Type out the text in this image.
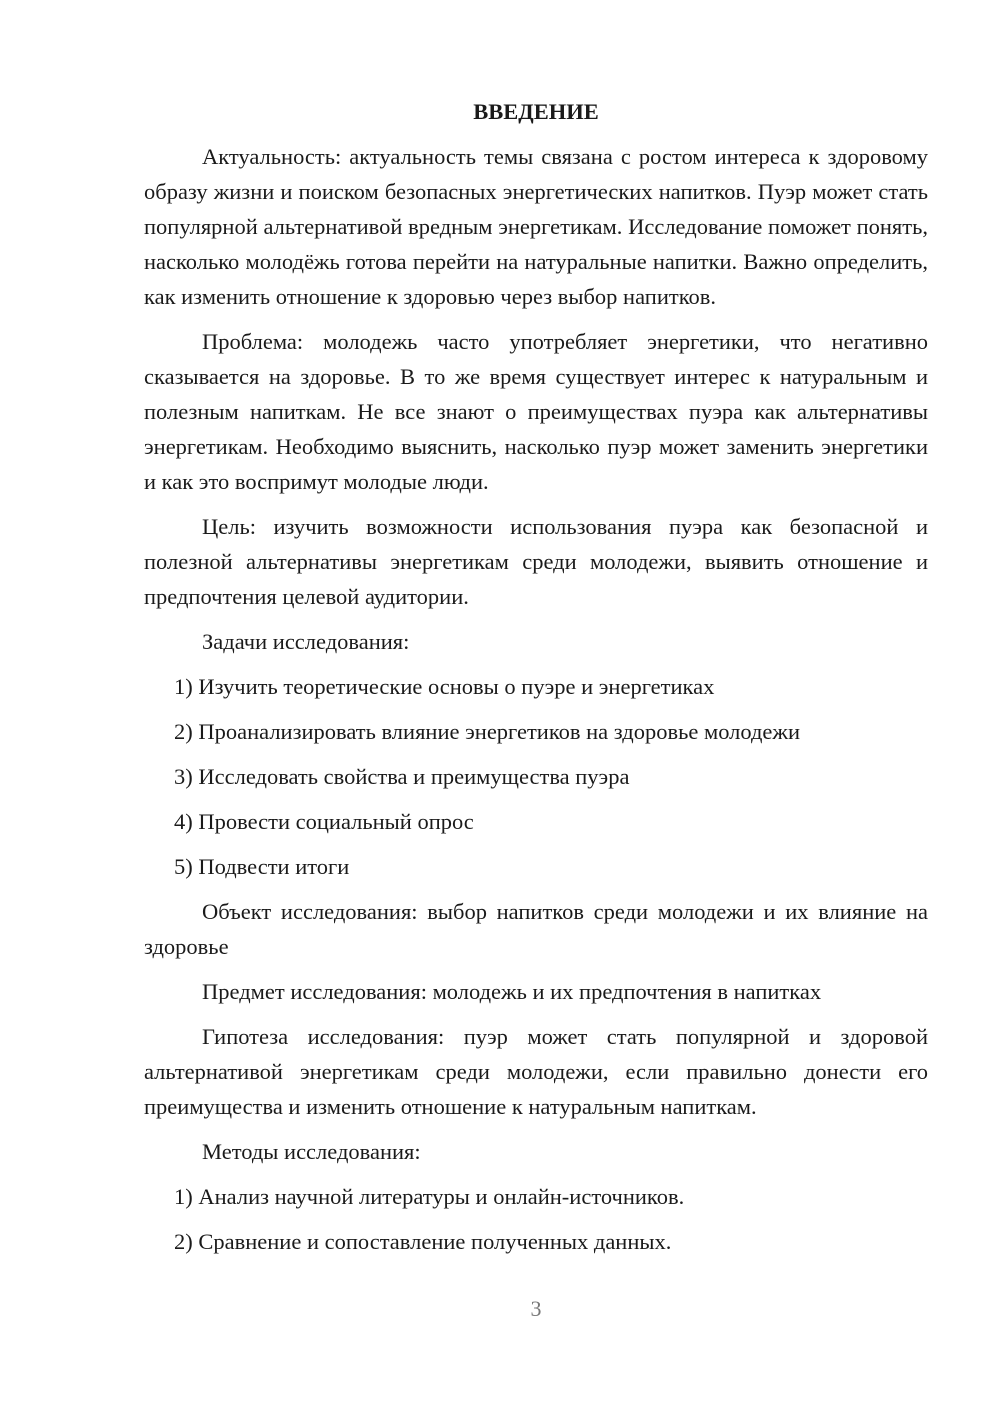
ВВЕДЕНИЕ

Актуальность: актуальность темы связана с ростом интереса к здоровому образу жизни и поиском безопасных энергетических напитков. Пуэр может стать популярной альтернативой вредным энергетикам. Исследование поможет понять, насколько молодёжь готова перейти на натуральные напитки. Важно определить, как изменить отношение к здоровью через выбор напитков.

Проблема: молодежь часто употребляет энергетики, что негативно сказывается на здоровье. В то же время существует интерес к натуральным и полезным напиткам. Не все знают о преимуществах пуэра как альтернативы энергетикам. Необходимо выяснить, насколько пуэр может заменить энергетики и как это воспримут молодые люди.

Цель: изучить возможности использования пуэра как безопасной и полезной альтернативы энергетикам среди молодежи, выявить отношение и предпочтения целевой аудитории.

Задачи исследования:

1) Изучить теоретические основы о пуэре и энергетиках

2) Проанализировать влияние энергетиков на здоровье молодежи

3) Исследовать свойства и преимущества пуэра

4) Провести социальный опрос

5) Подвести итоги

Объект исследования: выбор напитков среди молодежи и их влияние на здоровье

Предмет исследования: молодежь и их предпочтения в напитках

Гипотеза исследования: пуэр может стать популярной и здоровой альтернативой энергетикам среди молодежи, если правильно донести его преимущества и изменить отношение к натуральным напиткам.

Методы исследования:

1) Анализ научной литературы и онлайн-источников.

2) Сравнение и сопоставление полученных данных.

3
